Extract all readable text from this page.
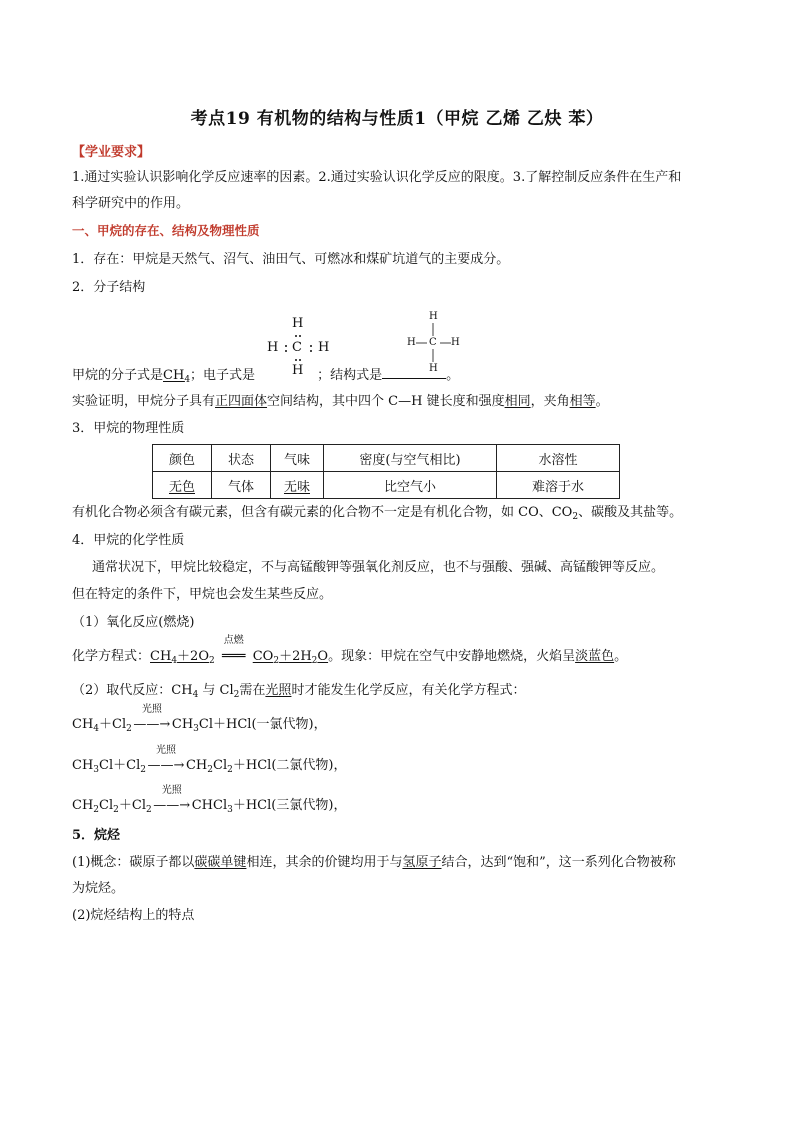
考点19 有机物的结构与性质1（甲烷 乙烯 乙炔 苯）
【学业要求】
1.通过实验认识影响化学反应速率的因素。2.通过实验认识化学反应的限度。3.了解控制反应条件在生产和
科学研究中的作用。
一、甲烷的存在、结构及物理性质
1．存在：甲烷是天然气、沼气、油田气、可燃冰和煤矿坑道气的主要成分。
2．分子结构
H
H C H
H
H
H C H
H
甲烷的分子式是$CH_4$；电子式是	；结构式是	。
实验证明，甲烷分子具有正四面体空间结构，其中四个 C—H 键长度和强度相同，夹角相等。
3．甲烷的物理性质
颜色	状态	气味	密度(与空气相比)	水溶性
无色	气体	无味	比空气小	难溶于水
有机化合物必须含有碳元素，但含有碳元素的化合物不一定是有机化合物，如 CO、$CO_2$、碳酸及其盐等。
4．甲烷的化学性质
通常状况下，甲烷比较稳定，不与高锰酸钾等强氧化剂反应，也不与强酸、强碱、高锰酸钾等反应。
但在特定的条件下，甲烷也会发生某些反应。
（1）氧化反应(燃烧)
化学方程式：$CH_4+2O_2$
点燃
═══ $CO_2+2H_2O$。现象：甲烷在空气中安静地燃烧，火焰呈淡蓝色。
（2）取代反应：$CH_4$ 与 $Cl_2$需在光照时才能发生化学反应，有关化学方程式：
$CH_4+Cl_2$
光照
——→ $CH_3Cl+HCl$(一氯代物)，
$CH_3Cl+Cl_2$
光照
——→ $CH_2Cl_2+HCl$(二氯代物)，
$CH_2Cl_2+Cl_2$
光照
——→ CHCl$_3$＋HCl(三氯代物)，
5．烷烃
(1)概念：碳原子都以碳碳单键相连，其余的价键均用于与氢原子结合，达到“饱和”，这一系列化合物被称
为烷烃。
(2)烷烃结构上的特点
